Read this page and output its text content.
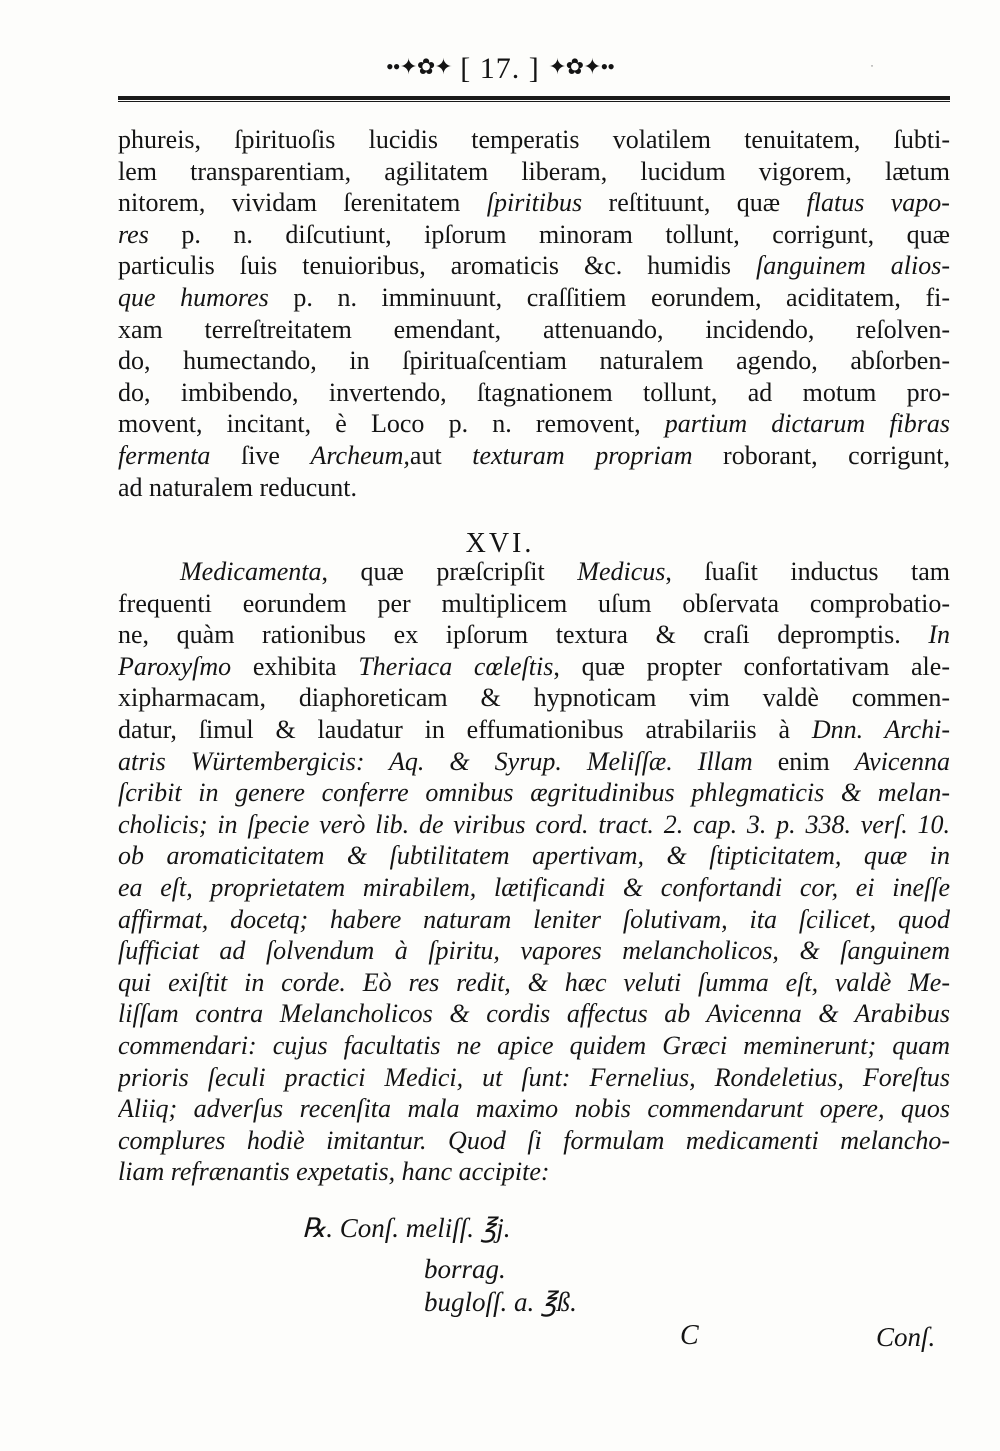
••✦✿✦ [ 17. ] ✦✿✦••	˙
phureis, ſpirituoſis lucidis temperatis volatilem tenuitatem, ſubti-
lem transparentiam, agilitatem liberam, lucidum vigorem, lætum
nitorem, vividam ſerenitatem ſpiritibus reſtituunt, quæ flatus vapo-
res p. n. diſcutiunt, ipſorum minoram tollunt, corrigunt, quæ
particulis ſuis tenuioribus, aromaticis &c. humidis ſanguinem alios-
que humores p. n. imminuunt, craſſitiem eorundem, aciditatem, fi-
xam terreſtreitatem emendant, attenuando, incidendo, reſolven-
do, humectando, in ſpirituaſcentiam naturalem agendo, abſorben-
do, imbibendo, invertendo, ſtagnationem tollunt, ad motum pro-
movent, incitant, è Loco p. n. removent, partium dictarum fibras
fermenta ſive Archeum,aut texturam propriam roborant, corrigunt,
ad naturalem reducunt.
XVI.
Medicamenta, quæ præſcripſit Medicus, ſuaſit inductus tam
frequenti eorundem per multiplicem uſum obſervata comprobatio-
ne, quàm rationibus ex ipſorum textura & craſi depromptis. In
Paroxyſmo exhibita Theriaca cœleſtis, quæ propter confortativam ale-
xipharmacam, diaphoreticam & hypnoticam vim valdè commen-
datur, ſimul & laudatur in effumationibus atrabilariis à Dnn. Archi-
atris Würtembergicis: Aq. & Syrup. Meliſſæ. Illam enim Avicenna
ſcribit in genere conferre omnibus ægritudinibus phlegmaticis & melan-
cholicis; in ſpecie verò lib. de viribus cord. tract. 2. cap. 3. p. 338. verſ. 10.
ob aromaticitatem & ſubtilitatem apertivam, & ſtipticitatem, quæ in
ea eſt, proprietatem mirabilem, lætificandi & confortandi cor, ei ineſſe
affirmat, docetq; habere naturam leniter ſolutivam, ita ſcilicet, quod
ſufficiat ad ſolvendum à ſpiritu, vapores melancholicos, & ſanguinem
qui exiſtit in corde. Eò res redit, & hæc veluti ſumma eſt, valdè Me-
liſſam contra Melancholicos & cordis affectus ab Avicenna & Arabibus
commendari: cujus facultatis ne apice quidem Græci meminerunt; quam
prioris ſeculi practici Medici, ut ſunt: Fernelius, Rondeletius, Foreſtus
Aliiq; adverſus recenſita mala maximo nobis commendarunt opere, quos
complures hodiè imitantur. Quod ſi formulam medicamenti melancho-
liam refrænantis expetatis, hanc accipite:
℞. Conſ. meliſſ. ℥j.
borrag.
bugloſſ. a. ℥ß.
C	Conſ.
